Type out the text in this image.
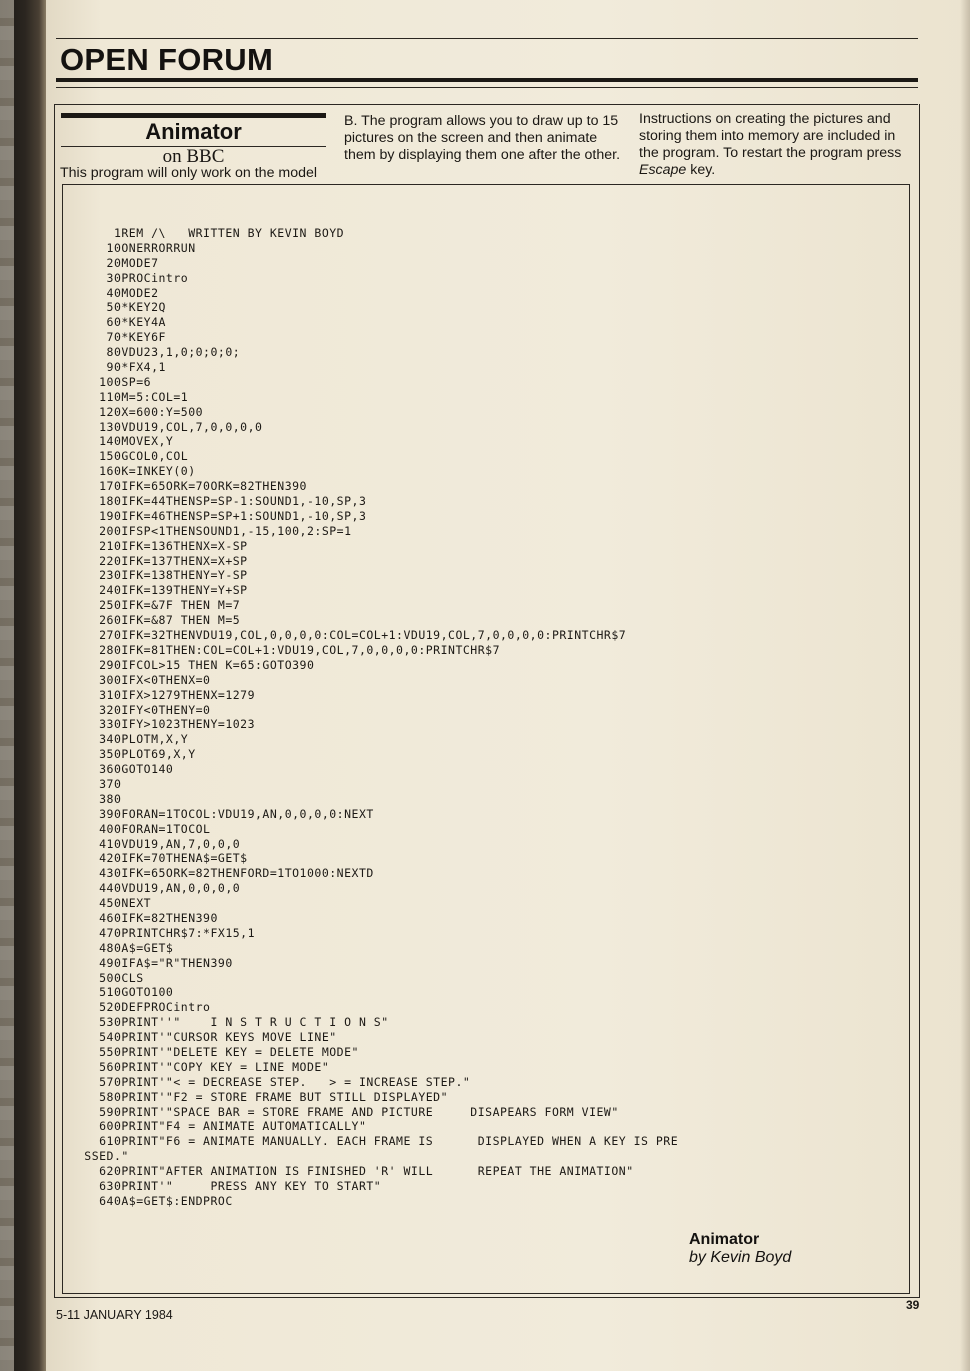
OPEN FORUM
Animator
on BBC
This program will only work on the model
B. The program allows you to draw up to 15 pictures on the screen and then animate them by displaying them one after the other.
Instructions on creating the pictures and storing them into memory are included in the program. To restart the program press Escape key.
1REM /\   WRITTEN BY KEVIN BOYD
10ONERRORRUN
20MODE7
30PROCintro
40MODE2
50*KEY2Q
60*KEY4A
70*KEY6F
80VDU23,1,0;0;0;0;
90*FX4,1
100SP=6
110M=5:COL=1
120X=600:Y=500
130VDU19,COL,7,0,0,0,0
140MOVEX,Y
150GCOL0,COL
160K=INKEY(0)
170IFK=65ORK=70ORK=82THEN390
180IFK=44THENSP=SP-1:SOUND1,-10,SP,3
190IFK=46THENSP=SP+1:SOUND1,-10,SP,3
200IFSP<1THENSOUND1,-15,100,2:SP=1
210IFK=136THENX=X-SP
220IFK=137THENX=X+SP
230IFK=138THENY=Y-SP
240IFK=139THENY=Y+SP
250IFK=&7F THEN M=7
260IFK=&87 THEN M=5
270IFK=32THENVDU19,COL,0,0,0,0:COL=COL+1:VDU19,COL,7,0,0,0,0:PRINTCHR$7
280IFK=81THEN:COL=COL+1:VDU19,COL,7,0,0,0,0:PRINTCHR$7
290IFCOL>15 THEN K=65:GOTO390
300IFX<0THENX=0
310IFX>1279THENX=1279
320IFY<0THENY=0
330IFY>1023THENY=1023
340PLOTM,X,Y
350PLOT69,X,Y
360GOTO140
370
380
390FORAN=1TOCOL:VDU19,AN,0,0,0,0:NEXT
400FORAN=1TOCOL
410VDU19,AN,7,0,0,0
420IFK=70THENA$=GET$
430IFK=65ORK=82THENFORD=1TO1000:NEXTD
440VDU19,AN,0,0,0,0
450NEXT
460IFK=82THEN390
470PRINTCHR$7:*FX15,1
480A$=GET$
490IFA$="R"THEN390
500CLS
510GOTO100
520DEFPROCintro
530PRINT''"    I N S T R U C T I O N S"
540PRINT'"CURSOR KEYS MOVE LINE"
550PRINT'"DELETE KEY = DELETE MODE"
560PRINT'"COPY KEY = LINE MODE"
570PRINT'"< = DECREASE STEP.   > = INCREASE STEP."
580PRINT'"F2 = STORE FRAME BUT STILL DISPLAYED"
590PRINT'"SPACE BAR = STORE FRAME AND PICTURE     DISAPEARS FORM VIEW"
600PRINT"F4 = ANIMATE AUTOMATICALLY"
610PRINT"F6 = ANIMATE MANUALLY. EACH FRAME IS      DISPLAYED WHEN A KEY IS PRE
SSED."
620PRINT"AFTER ANIMATION IS FINISHED 'R' WILL      REPEAT THE ANIMATION"
630PRINT'"     PRESS ANY KEY TO START"
640A$=GET$:ENDPROC
Animator
by Kevin Boyd
5-11 JANUARY 1984
39
